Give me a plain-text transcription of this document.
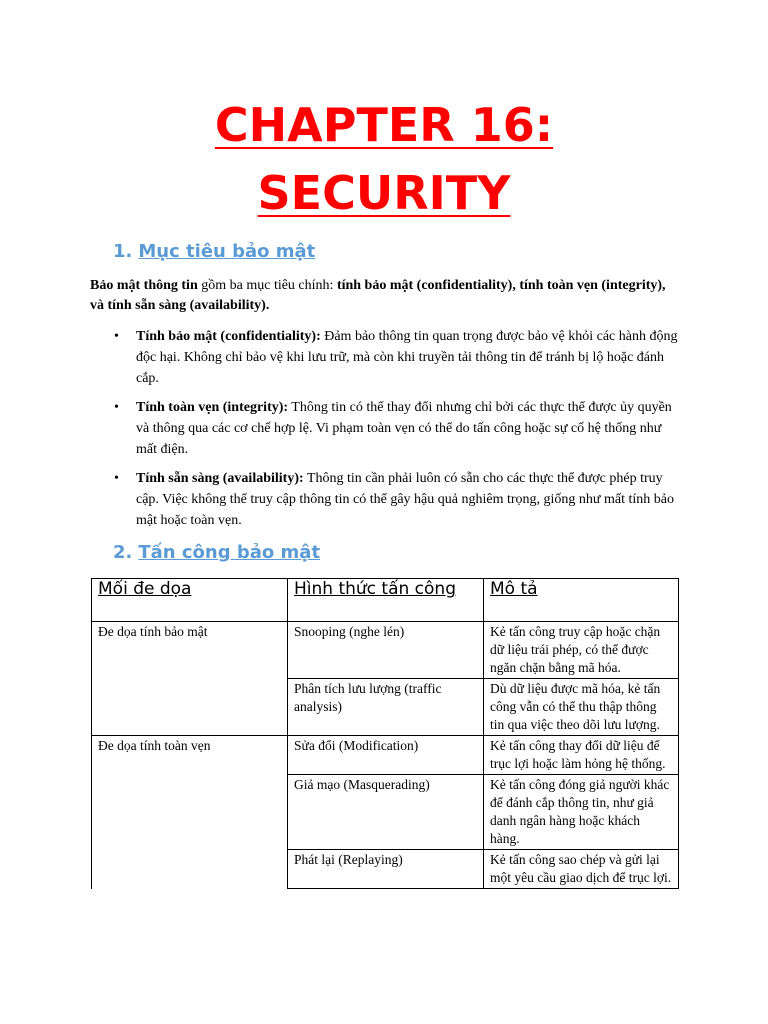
CHAPTER 16:
SECURITY
1. Mục tiêu bảo mật

Bảo mật thông tin gồm ba mục tiêu chính: tính bảo mật (confidentiality), tính toàn vẹn (integrity), và tính sẵn sàng (availability).

• Tính bảo mật (confidentiality): Đảm bảo thông tin quan trọng được bảo vệ khỏi các hành động độc hại. Không chỉ bảo vệ khi lưu trữ, mà còn khi truyền tải thông tin để tránh bị lộ hoặc đánh cắp.
• Tính toàn vẹn (integrity): Thông tin có thể thay đổi nhưng chỉ bởi các thực thể được ủy quyền và thông qua các cơ chế hợp lệ. Vi phạm toàn vẹn có thể do tấn công hoặc sự cố hệ thống như mất điện.
• Tính sẵn sàng (availability): Thông tin cần phải luôn có sẵn cho các thực thể được phép truy cập. Việc không thể truy cập thông tin có thể gây hậu quả nghiêm trọng, giống như mất tính bảo mật hoặc toàn vẹn.
2. Tấn công bảo mật
Mối đe dọa	Hình thức tấn công	Mô tả
Đe dọa tính bảo mật	Snooping (nghe lén)	Kẻ tấn công truy cập hoặc chặn dữ liệu trái phép, có thể được ngăn chặn bằng mã hóa.
	Phân tích lưu lượng (traffic analysis)	Dù dữ liệu được mã hóa, kẻ tấn công vẫn có thể thu thập thông tin qua việc theo dõi lưu lượng.
Đe dọa tính toàn vẹn	Sửa đổi (Modification)	Kẻ tấn công thay đổi dữ liệu để trục lợi hoặc làm hỏng hệ thống.
	Giả mạo (Masquerading)	Kẻ tấn công đóng giả người khác để đánh cắp thông tin, như giả danh ngân hàng hoặc khách hàng.
	Phát lại (Replaying)	Kẻ tấn công sao chép và gửi lại một yêu cầu giao dịch để trục lợi.
